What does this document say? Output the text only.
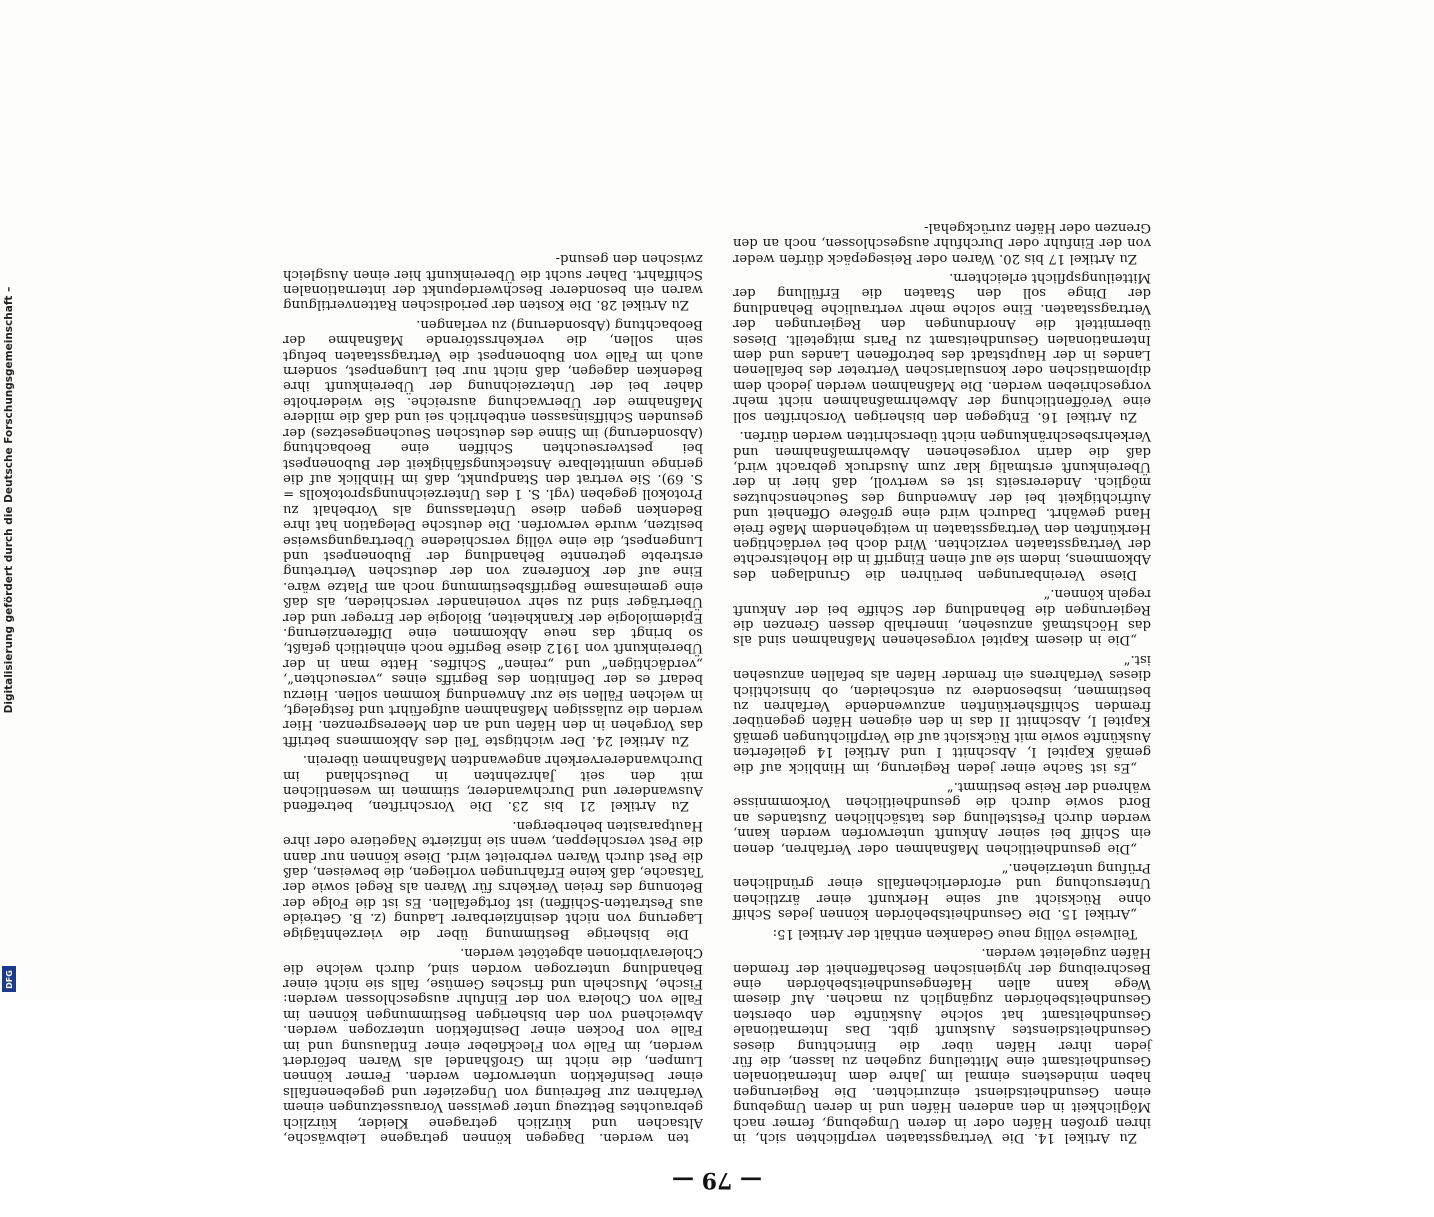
— 79 —

Zu Artikel 14. Die Vertragsstaaten verpflichten sich, in ihren großen Häfen oder in deren Umgebung, ferner nach Möglichkeit in den anderen Häfen und in deren Umgebung einen Gesundheitsdienst einzurichten. Die Regierungen haben mindestens einmal im Jahre dem Internationalen Gesundheitsamt eine Mitteilung zugehen zu lassen, die für jeden ihrer Häfen über die Einrichtung dieses Gesundheitsdienstes Auskunft gibt. Das Internationale Gesundheitsamt hat solche Auskünfte den obersten Gesundheitsbehörden zugänglich zu machen. Auf diesem Wege kann allen Hafengesundheitsbehörden eine Beschreibung der hygienischen Beschaffenheit der fremden Häfen zugeleitet werden.

Teilweise völlig neue Gedanken enthält der Artikel 15:

„Artikel 15. Die Gesundheitsbehörden können jedes Schiff ohne Rücksicht auf seine Herkunft einer ärztlichen Untersuchung und erforderlichenfalls einer gründlichen Prüfung unterziehen.“

„Die gesundheitlichen Maßnahmen oder Verfahren, denen ein Schiff bei seiner Ankunft unterworfen werden kann, werden durch Feststellung des tatsächlichen Zustandes an Bord sowie durch die gesundheitlichen Vorkommnisse während der Reise bestimmt.“

„Es ist Sache einer jeden Regierung, im Hinblick auf die gemäß Kapitel I, Abschnitt I und Artikel 14 gelieferten Auskünfte sowie mit Rücksicht auf die Verpflichtungen gemäß Kapitel I, Abschnitt II das in den eigenen Häfen gegenüber fremden Schiffsherkünften anzuwendende Verfahren zu bestimmen, insbesondere zu entscheiden, ob hinsichtlich dieses Verfahrens ein fremder Hafen als befallen anzusehen ist.“

„Die in diesem Kapitel vorgesehenen Maßnahmen sind als das Höchstmaß anzusehen, innerhalb dessen Grenzen die Regierungen die Behandlung der Schiffe bei der Ankunft regeln können.“

Diese Vereinbarungen berühren die Grundlagen des Abkommens, indem sie auf einen Eingriff in die Hoheitsrechte der Vertragsstaaten verzichten. Wird doch bei verdächtigen Herkünften den Vertragsstaaten in weitgehendem Maße freie Hand gewährt. Dadurch wird eine größere Offenheit und Aufrichtigkeit bei der Anwendung des Seuchenschutzes möglich. Andererseits ist es wertvoll, daß hier in der Übereinkunft erstmalig klar zum Ausdruck gebracht wird, daß die darin vorgesehenen Abwehrmaßnahmen und Verkehrsbeschränkungen nicht überschritten werden dürfen.

Zu Artikel 16. Entgegen den bisherigen Vorschriften soll eine Veröffentlichung der Abwehrmaßnahmen nicht mehr vorgeschrieben werden. Die Maßnahmen werden jedoch dem diplomatischen oder konsularischen Vertreter des befallenen Landes in der Hauptstadt des betroffenen Landes und dem Internationalen Gesundheitsamt zu Paris mitgeteilt. Dieses übermittelt die Anordnungen den Regierungen der Vertragsstaaten. Eine solche mehr vertrauliche Behandlung der Dinge soll den Staaten die Erfüllung der Mitteilungspflicht erleichtern.

Zu Artikel 17 bis 20. Waren oder Reisegepäck dürfen weder von der Einfuhr oder Durchfuhr ausgeschlossen, noch an den Grenzen oder Häfen zurückgehal-

ten werden. Dagegen können getragene Leibwäsche, Altsachen und kürzlich getragene Kleider, kürzlich gebrauchtes Bettzeug unter gewissen Voraussetzungen einem Verfahren zur Befreiung von Ungeziefer und gegebenenfalls einer Desinfektion unterworfen werden. Ferner können Lumpen, die nicht im Großhandel als Waren befördert werden, im Falle von Fleckfieber einer Entlausung und im Falle von Pocken einer Desinfektion unterzogen werden. Abweichend von den bisherigen Bestimmungen können im Falle von Cholera von der Einfuhr ausgeschlossen werden: Fische, Muscheln und frisches Gemüse, falls sie nicht einer Behandlung unterzogen worden sind, durch welche die Choleravibrionen abgetötet werden.

Die bisherige Bestimmung über die vierzehntägige Lagerung von nicht desinfizierbarer Ladung (z. B. Getreide aus Pestratten-Schiffen) ist fortgefallen. Es ist die Folge der Betonung des freien Verkehrs für Waren als Regel sowie der Tatsache, daß keine Erfahrungen vorliegen, die beweisen, daß die Pest durch Waren verbreitet wird. Diese können nur dann die Pest verschleppen, wenn sie infizierte Nagetiere oder ihre Hautparasiten beherbergen.

Zu Artikel 21 bis 23. Die Vorschriften, betreffend Auswanderer und Durchwanderer, stimmen im wesentlichen mit den seit Jahrzehnten in Deutschland im Durchwandererverkehr angewandten Maßnahmen überein.

Zu Artikel 24. Der wichtigste Teil des Abkommens betrifft das Vorgehen in den Häfen und an den Meeresgrenzen. Hier werden die zulässigen Maßnahmen aufgeführt und festgelegt, in welchen Fällen sie zur Anwendung kommen sollen. Hierzu bedarf es der Definition des Begriffs eines „verseuchten“, „verdächtigen“ und „reinen“ Schiffes. Hatte man in der Übereinkunft von 1912 diese Begriffe noch einheitlich gefaßt, so bringt das neue Abkommen eine Differenzierung. Epidemiologie der Krankheiten, Biologie der Erreger und der Überträger sind zu sehr voneinander verschieden, als daß eine gemeinsame Begriffsbestimmung noch am Platze wäre. Eine auf der Konferenz von der deutschen Vertretung erstrebte getrennte Behandlung der Bubonenpest und Lungenpest, die eine völlig verschiedene Übertragungsweise besitzen, wurde verworfen. Die deutsche Delegation hat ihre Bedenken gegen diese Unterlassung als Vorbehalt zu Protokoll gegeben (vgl. S. 1 des Unterzeichnungsprotokolls = S. 69). Sie vertrat den Standpunkt, daß im Hinblick auf die geringe unmittelbare Ansteckungsfähigkeit der Bubonenpest bei pestverseuchten Schiffen eine Beobachtung (Absonderung) im Sinne des deutschen Seuchengesetzes) der gesunden Schiffsinsassen entbehrlich sei und daß die mildere Maßnahme der Überwachung ausreiche. Sie wiederholte daher bei der Unterzeichnung der Übereinkunft ihre Bedenken dagegen, daß nicht nur bei Lungenpest, sondern auch im Falle von Bubonenpest die Vertragsstaaten befugt sein sollen, die verkehrsstörende Maßnahme der Beobachtung (Absonderung) zu verlangen.

Zu Artikel 28. Die Kosten der periodischen Rattenvertilgung waren ein besonderer Beschwerdepunkt der internationalen Schiffahrt. Daher sucht die Übereinkunft hier einen Ausgleich zwischen den gesund-

Digitalisierung gefördert durch die Deutsche Forschungsgemeinschaft –
DFG
